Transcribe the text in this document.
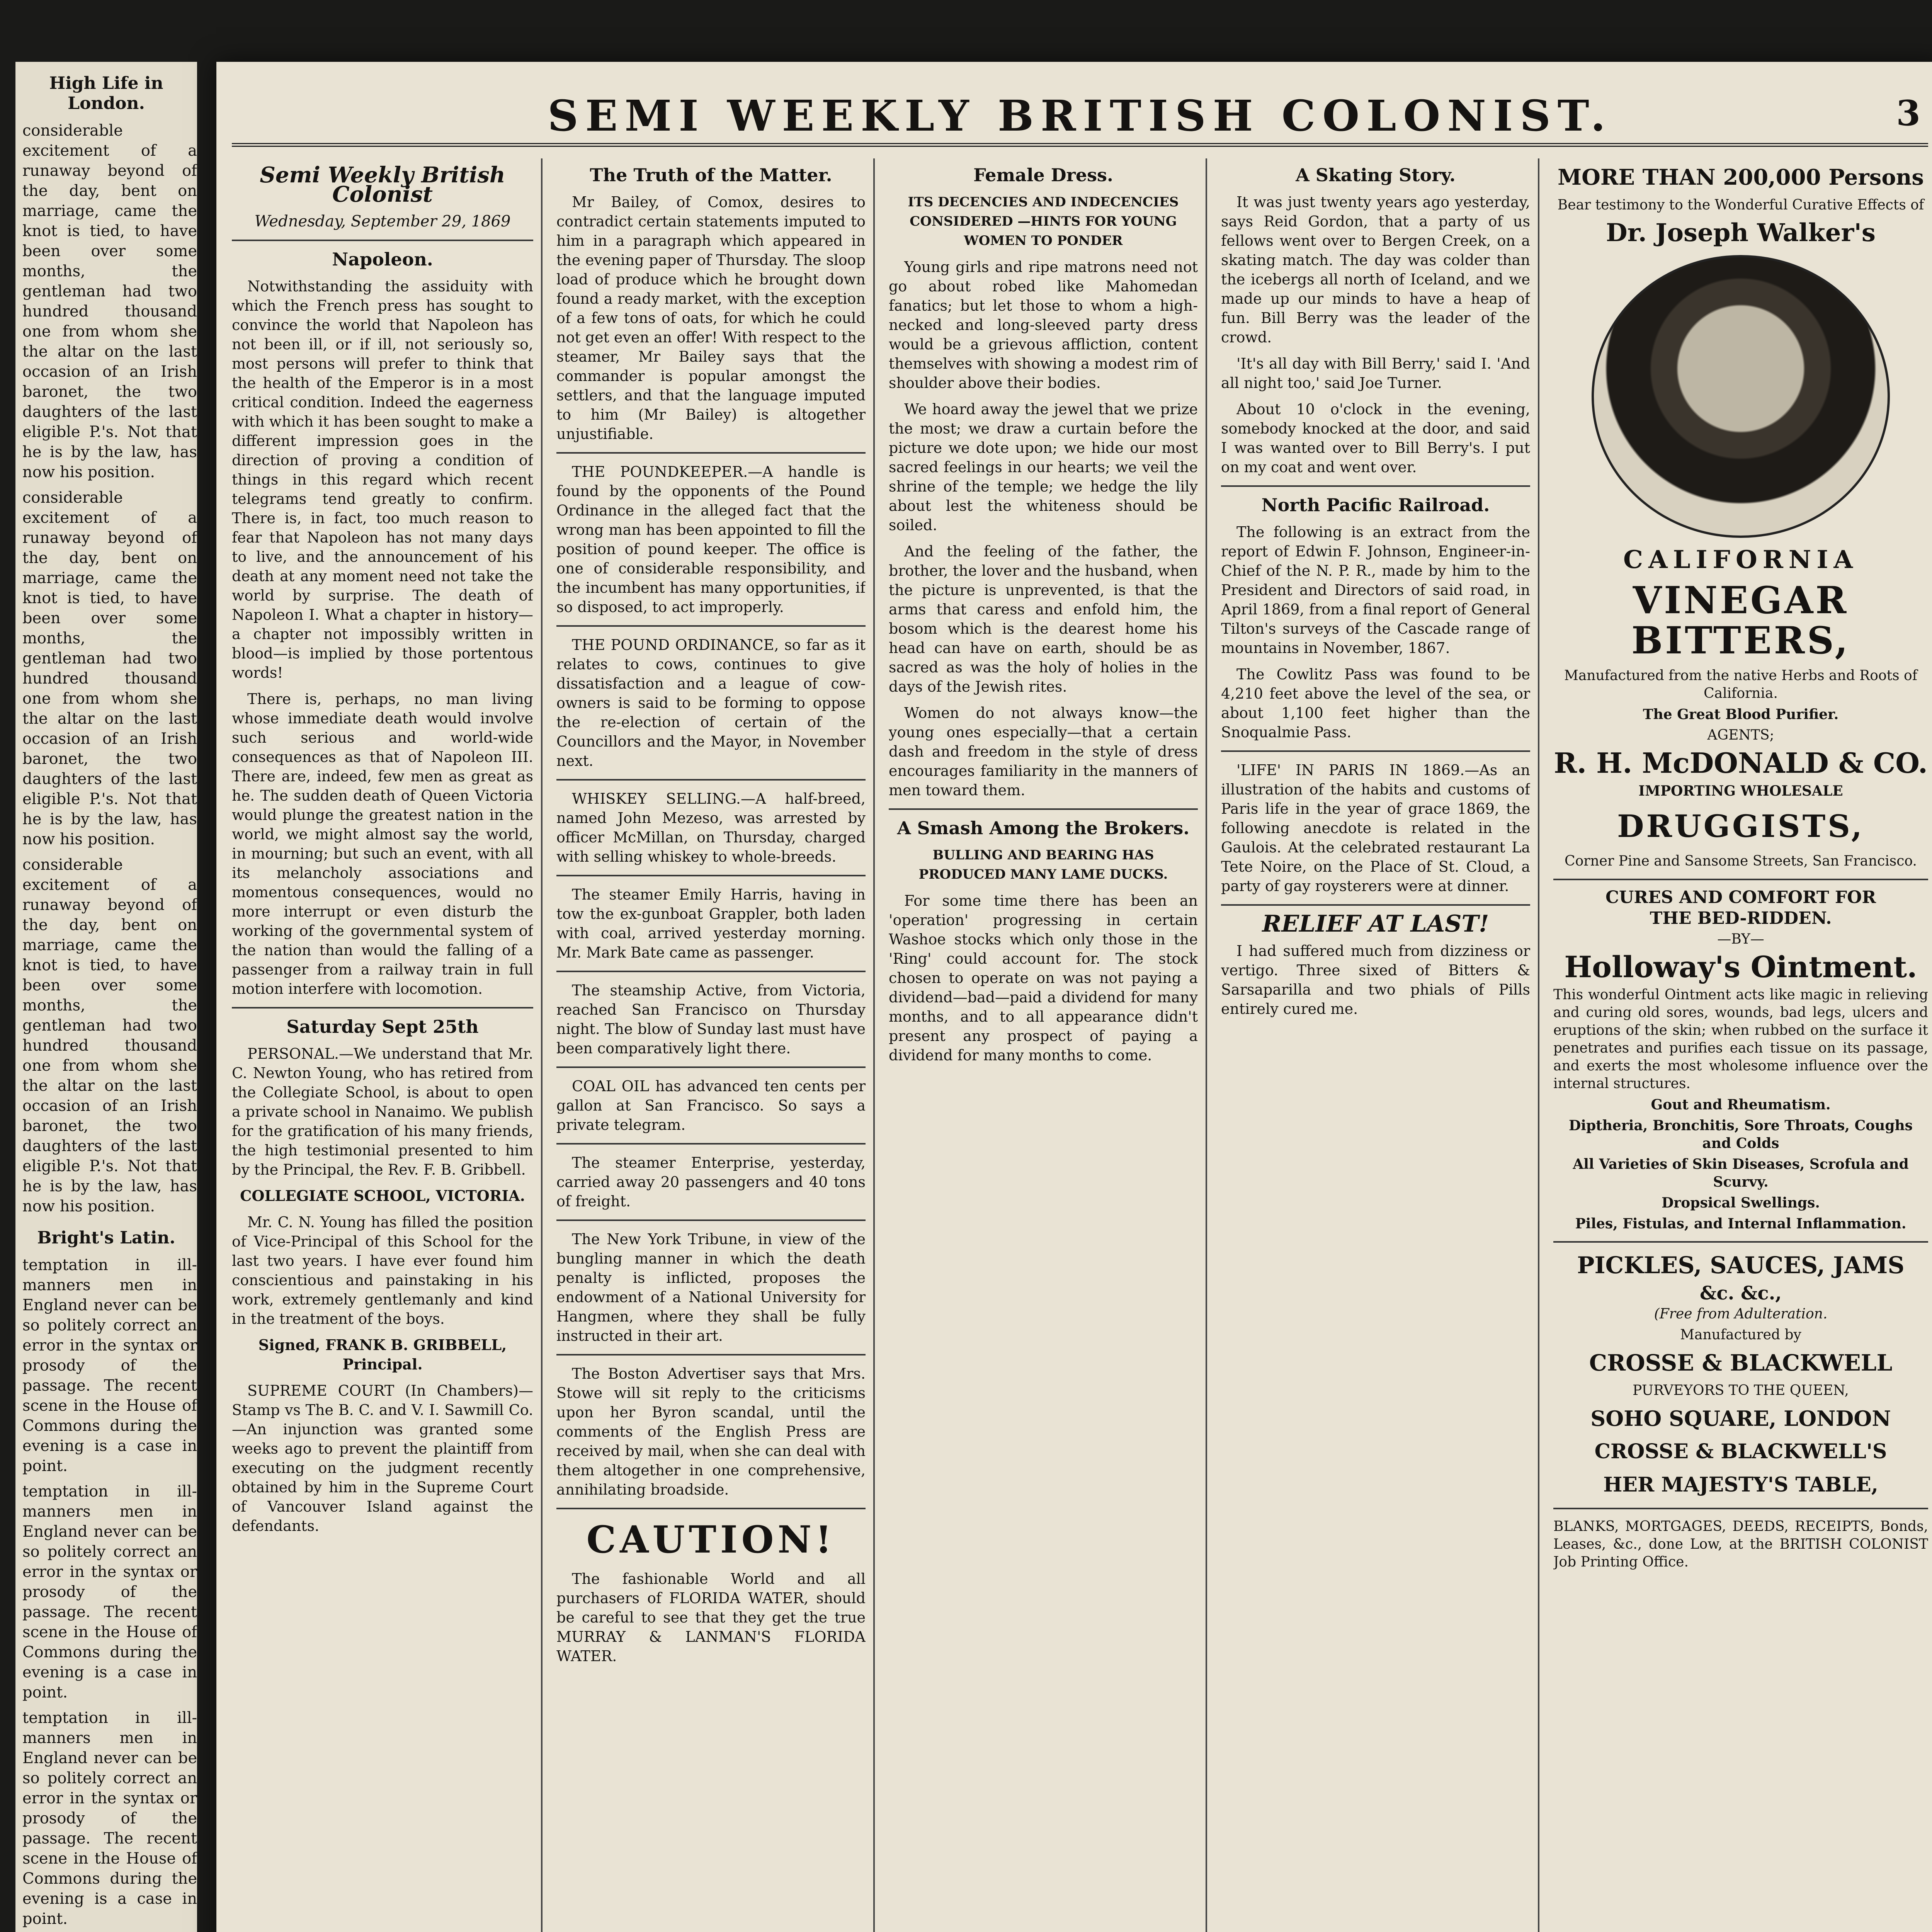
High Life in London.

considerable excitement of a runaway beyond of the day, bent on marriage, came the knot is tied, to have been over some months, the gentleman had two hundred thousand one from whom she the altar on the last occasion of an Irish baronet, the two daughters of the last eligible P.'s. Not that he is by the law, has now his position.

considerable excitement of a runaway beyond of the day, bent on marriage, came the knot is tied, to have been over some months, the gentleman had two hundred thousand one from whom she the altar on the last occasion of an Irish baronet, the two daughters of the last eligible P.'s. Not that he is by the law, has now his position.

considerable excitement of a runaway beyond of the day, bent on marriage, came the knot is tied, to have been over some months, the gentleman had two hundred thousand one from whom she the altar on the last occasion of an Irish baronet, the two daughters of the last eligible P.'s. Not that he is by the law, has now his position.

Bright's Latin.

temptation in ill-manners men in England never can be so politely correct an error in the syntax or prosody of the passage. The recent scene in the House of Commons during the evening is a case in point.

temptation in ill-manners men in England never can be so politely correct an error in the syntax or prosody of the passage. The recent scene in the House of Commons during the evening is a case in point.

temptation in ill-manners men in England never can be so politely correct an error in the syntax or prosody of the passage. The recent scene in the House of Commons during the evening is a case in point.

SEMI WEEKLY BRITISH COLONIST.	3

Semi Weekly British Colonist

Wednesday, September 29, 1869

Napoleon.

Notwithstanding the assiduity with which the French press has sought to convince the world that Napoleon has not been ill, or if ill, not seriously so, most persons will prefer to think that the health of the Emperor is in a most critical condition. Indeed the eagerness with which it has been sought to make a different impression goes in the direction of proving a condition of things in this regard which recent telegrams tend greatly to confirm. There is, in fact, too much reason to fear that Napoleon has not many days to live, and the announcement of his death at any moment need not take the world by surprise. The death of Napoleon I. What a chapter in history—a chapter not impossibly written in blood—is implied by those portentous words!

There is, perhaps, no man living whose immediate death would involve such serious and world-wide consequences as that of Napoleon III. There are, indeed, few men as great as he. The sudden death of Queen Victoria would plunge the greatest nation in the world, we might almost say the world, in mourning; but such an event, with all its melancholy associations and momentous consequences, would no more interrupt or even disturb the working of the governmental system of the nation than would the falling of a passenger from a railway train in full motion interfere with locomotion.

Saturday Sept 25th

PERSONAL.—We understand that Mr. C. Newton Young, who has retired from the Collegiate School, is about to open a private school in Nanaimo. We publish for the gratification of his many friends, the high testimonial presented to him by the Principal, the Rev. F. B. Gribbell.

COLLEGIATE SCHOOL, VICTORIA.

Mr. C. N. Young has filled the position of Vice-Principal of this School for the last two years. I have ever found him conscientious and painstaking in his work, extremely gentlemanly and kind in the treatment of the boys.

Signed, FRANK B. GRIBBELL, Principal.

SUPREME COURT (In Chambers)—Stamp vs The B. C. and V. I. Sawmill Co.—An injunction was granted some weeks ago to prevent the plaintiff from executing on the judgment recently obtained by him in the Supreme Court of Vancouver Island against the defendants.

The Truth of the Matter.

Mr Bailey, of Comox, desires to contradict certain statements imputed to him in a paragraph which appeared in the evening paper of Thursday. The sloop load of produce which he brought down found a ready market, with the exception of a few tons of oats, for which he could not get even an offer! With respect to the steamer, Mr Bailey says that the commander is popular amongst the settlers, and that the language imputed to him (Mr Bailey) is altogether unjustifiable.

THE POUNDKEEPER.—A handle is found by the opponents of the Pound Ordinance in the alleged fact that the wrong man has been appointed to fill the position of pound keeper. The office is one of considerable responsibility, and the incumbent has many opportunities, if so disposed, to act improperly.

THE POUND ORDINANCE, so far as it relates to cows, continues to give dissatisfaction and a league of cow-owners is said to be forming to oppose the re-election of certain of the Councillors and the Mayor, in November next.

WHISKEY SELLING.—A half-breed, named John Mezeso, was arrested by officer McMillan, on Thursday, charged with selling whiskey to whole-breeds.

The steamer Emily Harris, having in tow the ex-gunboat Grappler, both laden with coal, arrived yesterday morning. Mr. Mark Bate came as passenger.

The steamship Active, from Victoria, reached San Francisco on Thursday night. The blow of Sunday last must have been comparatively light there.

COAL OIL has advanced ten cents per gallon at San Francisco. So says a private telegram.

The steamer Enterprise, yesterday, carried away 20 passengers and 40 tons of freight.

The New York Tribune, in view of the bungling manner in which the death penalty is inflicted, proposes the endowment of a National University for Hangmen, where they shall be fully instructed in their art.

The Boston Advertiser says that Mrs. Stowe will sit reply to the criticisms upon her Byron scandal, until the comments of the English Press are received by mail, when she can deal with them altogether in one comprehensive, annihilating broadside.

CAUTION!

The fashionable World and all purchasers of FLORIDA WATER, should be careful to see that they get the true MURRAY & LANMAN'S FLORIDA WATER.

Female Dress.

ITS DECENCIES AND INDECENCIES CONSIDERED —HINTS FOR YOUNG WOMEN TO PONDER

Young girls and ripe matrons need not go about robed like Mahomedan fanatics; but let those to whom a high-necked and long-sleeved party dress would be a grievous affliction, content themselves with showing a modest rim of shoulder above their bodies.

We hoard away the jewel that we prize the most; we draw a curtain before the picture we dote upon; we hide our most sacred feelings in our hearts; we veil the shrine of the temple; we hedge the lily about lest the whiteness should be soiled.

And the feeling of the father, the brother, the lover and the husband, when the picture is unprevented, is that the arms that caress and enfold him, the bosom which is the dearest home his head can have on earth, should be as sacred as was the holy of holies in the days of the Jewish rites.

Women do not always know—the young ones especially—that a certain dash and freedom in the style of dress encourages familiarity in the manners of men toward them.

A Smash Among the Brokers.

BULLING AND BEARING HAS PRODUCED MANY LAME DUCKS.

For some time there has been an 'operation' progressing in certain Washoe stocks which only those in the 'Ring' could account for. The stock chosen to operate on was not paying a dividend—bad—paid a dividend for many months, and to all appearance didn't present any prospect of paying a dividend for many months to come.

A Skating Story.

It was just twenty years ago yesterday, says Reid Gordon, that a party of us fellows went over to Bergen Creek, on a skating match. The day was colder than the icebergs all north of Iceland, and we made up our minds to have a heap of fun. Bill Berry was the leader of the crowd.

'It's all day with Bill Berry,' said I. 'And all night too,' said Joe Turner.

About 10 o'clock in the evening, somebody knocked at the door, and said I was wanted over to Bill Berry's. I put on my coat and went over.

North Pacific Railroad.

The following is an extract from the report of Edwin F. Johnson, Engineer-in-Chief of the N. P. R., made by him to the President and Directors of said road, in April 1869, from a final report of General Tilton's surveys of the Cascade range of mountains in November, 1867.

The Cowlitz Pass was found to be 4,210 feet above the level of the sea, or about 1,100 feet higher than the Snoqualmie Pass.

'LIFE' IN PARIS IN 1869.—As an illustration of the habits and customs of Paris life in the year of grace 1869, the following anecdote is related in the Gaulois. At the celebrated restaurant La Tete Noire, on the Place of St. Cloud, a party of gay roysterers were at dinner.

RELIEF AT LAST!

I had suffered much from dizziness or vertigo. Three sixed of Bitters & Sarsaparilla and two phials of Pills entirely cured me.

MORE THAN 200,000 Persons

Bear testimony to the Wonderful Curative Effects of

Dr. Joseph Walker's
CALIFORNIA
VINEGAR BITTERS,

Manufactured from the native Herbs and Roots of California.

The Great Blood Purifier.

AGENTS;

R. H. McDONALD & CO.

IMPORTING WHOLESALE

DRUGGISTS,

Corner Pine and Sansome Streets, San Francisco.

CURES AND COMFORT FOR

THE BED-RIDDEN.

—BY—

Holloway's Ointment.

This wonderful Ointment acts like magic in relieving and curing old sores, wounds, bad legs, ulcers and eruptions of the skin; when rubbed on the surface it penetrates and purifies each tissue on its passage, and exerts the most wholesome influence over the internal structures.

Gout and Rheumatism.

Diptheria, Bronchitis, Sore Throats, Coughs and Colds

All Varieties of Skin Diseases, Scrofula and Scurvy.

Dropsical Swellings.

Piles, Fistulas, and Internal Inflammation.

PICKLES, SAUCES, JAMS

&c. &c.,

(Free from Adulteration.

Manufactured by

CROSSE & BLACKWELL

PURVEYORS TO THE QUEEN,

SOHO SQUARE, LONDON
CROSSE & BLACKWELL'S
HER MAJESTY'S TABLE,

BLANKS, MORTGAGES, DEEDS, RECEIPTS, Bonds, Leases, &c., done Low, at the BRITISH COLONIST Job Printing Office.
